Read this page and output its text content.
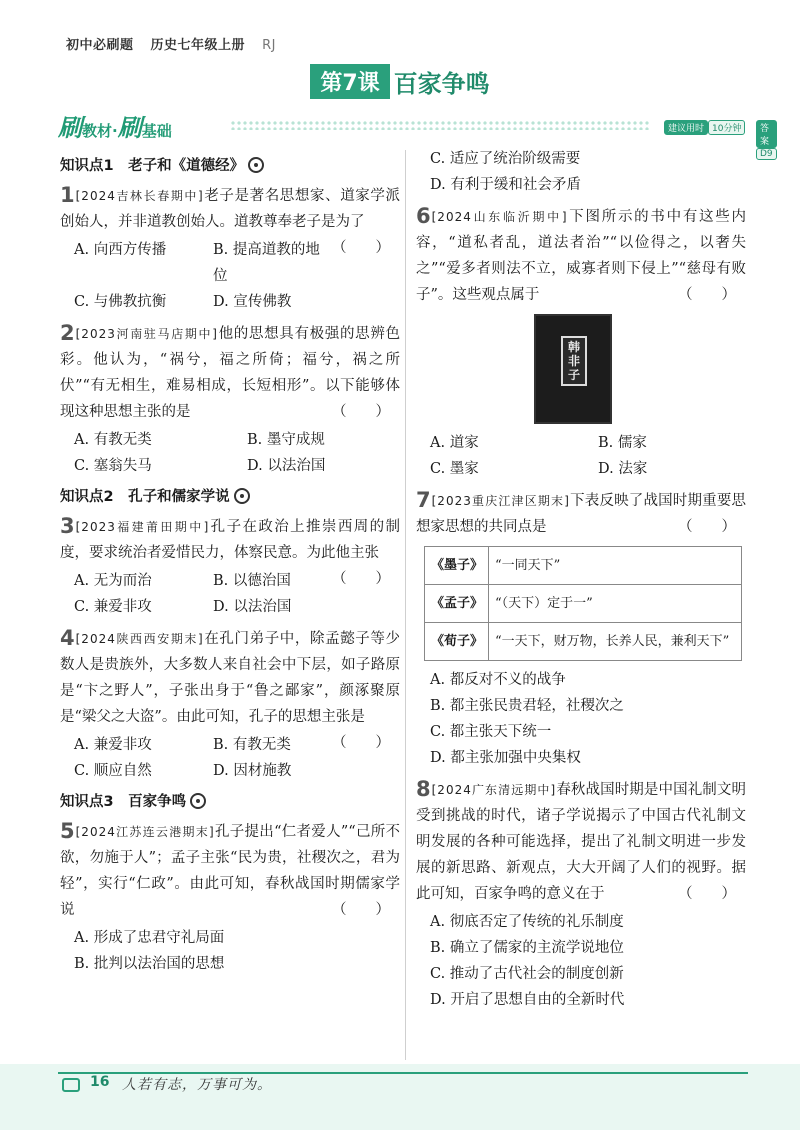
初中必刷题 历史七年级上册 RJ
第7课 百家争鸣
刷教材·刷基础	建议用时 10分钟	答案D9
知识点1　老子和《道德经》
1 [2024吉林长春期中]老子是著名思想家、道家学派创始人，并非道教创始人。道教尊奉老子是为了
（　　）
A. 向西方传播	B. 提高道教的地位
C. 与佛教抗衡	D. 宣传佛教
2 [2023河南驻马店期中]他的思想具有极强的思辨色彩。他认为，“祸兮，福之所倚；福兮，祸之所伏”“有无相生，难易相成，长短相形”。以下能够体现这种思想主张的是	（　　）
A. 有教无类	B. 墨守成规
C. 塞翁失马	D. 以法治国
知识点2　孔子和儒家学说
3 [2023福建莆田期中]孔子在政治上推崇西周的制度，要求统治者爱惜民力，体察民意。为此他主张
（　　）
A. 无为而治	B. 以德治国
C. 兼爱非攻	D. 以法治国
4 [2024陕西西安期末]在孔门弟子中，除孟懿子等少数人是贵族外，大多数人来自社会中下层，如子路原是“卞之野人”，子张出身于“鲁之鄙家”，颜涿聚原是“梁父之大盗”。由此可知，孔子的思想主张是
（　　）
A. 兼爱非攻	B. 有教无类
C. 顺应自然	D. 因材施教
知识点3　百家争鸣
5 [2024江苏连云港期末]孔子提出“仁者爱人”“己所不欲，勿施于人”；孟子主张“民为贵，社稷次之，君为轻”，实行“仁政”。由此可知，春秋战国时期儒家学说	（　　）
A. 形成了忠君守礼局面
B. 批判以法治国的思想
C. 适应了统治阶级需要
D. 有利于缓和社会矛盾
6 [2024山东临沂期中]下图所示的书中有这些内容，“道私者乱，道法者治”“以俭得之，以奢失之”“爱多者则法不立，威寡者则下侵上”“慈母有败子”。这些观点属于	（　　）
韩非子
A. 道家	B. 儒家
C. 墨家	D. 法家
7 [2023重庆江津区期末]下表反映了战国时期重要思想家思想的共同点是	（　　）
《墨子》	“一同天下”
《孟子》	“（天下）定于一”
《荀子》	“一天下，财万物，长养人民，兼利天下”
A. 都反对不义的战争
B. 都主张民贵君轻，社稷次之
C. 都主张天下统一
D. 都主张加强中央集权
8 [2024广东清远期中]春秋战国时期是中国礼制文明受到挑战的时代，诸子学说揭示了中国古代礼制文明发展的各种可能选择，提出了礼制文明进一步发展的新思路、新观点，大大开阔了人们的视野。据此可知，百家争鸣的意义在于	（　　）
A. 彻底否定了传统的礼乐制度
B. 确立了儒家的主流学说地位
C. 推动了古代社会的制度创新
D. 开启了思想自由的全新时代
16 人若有志，万事可为。
